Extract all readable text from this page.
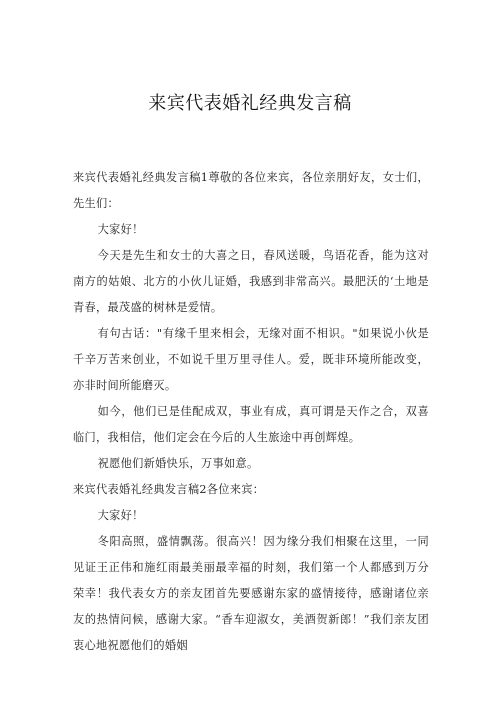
来宾代表婚礼经典发言稿

来宾代表婚礼经典发言稿1尊敬的各位来宾，各位亲朋好友，女士们，先生们：

大家好！

今天是先生和女士的大喜之日，春风送暖，鸟语花香，能为这对南方的姑娘、北方的小伙儿证婚，我感到非常高兴。最肥沃的‘土地是青春，最茂盛的树林是爱情。

有句古话："有缘千里来相会，无缘对面不相识。"如果说小伙是千辛万苦来创业，不如说千里万里寻佳人。爱，既非环境所能改变，亦非时间所能磨灭。

如今，他们已是佳配成双，事业有成，真可谓是天作之合，双喜临门，我相信，他们定会在今后的人生旅途中再创辉煌。

祝愿他们新婚快乐，万事如意。

来宾代表婚礼经典发言稿2各位来宾：

大家好！

冬阳高照，盛情飘荡。很高兴！因为缘分我们相聚在这里，一同见证王正伟和施红雨最美丽最幸福的时刻，我们第一个人都感到万分荣幸！我代表女方的亲友团首先要感谢东家的盛情接待，感谢诸位亲友的热情问候，感谢大家。“香车迎淑女，美酒贺新郎！”我们亲友团衷心地祝愿他们的婚姻
